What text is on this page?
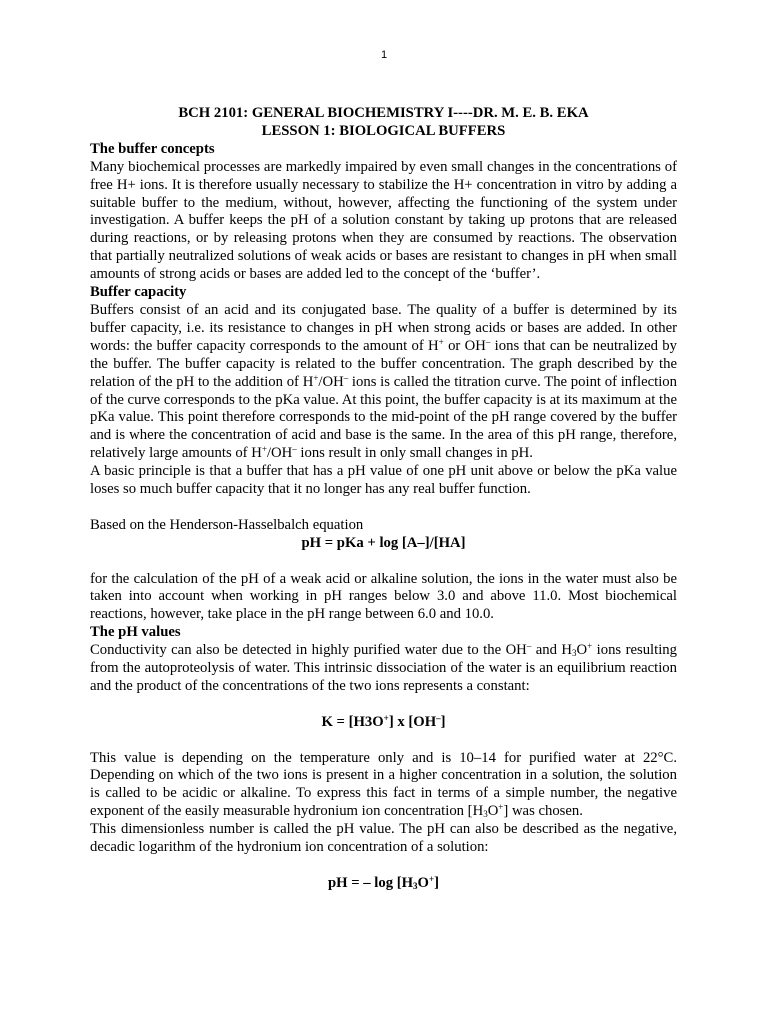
1

BCH 2101: GENERAL BIOCHEMISTRY I----DR. M. E. B. EKA

LESSON 1: BIOLOGICAL BUFFERS

The buffer concepts

Many biochemical processes are markedly impaired by even small changes in the concentrations of free H+ ions. It is therefore usually necessary to stabilize the H+ concentration in vitro by adding a suitable buffer to the medium, without, however, affecting the functioning of the system under investigation. A buffer keeps the pH of a solution constant by taking up protons that are released during reactions, or by releasing protons when they are consumed by reactions. The observation that partially neutralized solutions of weak acids or bases are resistant to changes in pH when small amounts of strong acids or bases are added led to the concept of the ‘buffer’.

Buffer capacity

Buffers consist of an acid and its conjugated base. The quality of a buffer is determined by its buffer capacity, i.e. its resistance to changes in pH when strong acids or bases are added. In other words: the buffer capacity corresponds to the amount of H+ or OH– ions that can be neutralized by the buffer. The buffer capacity is related to the buffer concentration. The graph described by the relation of the pH to the addition of H+/OH– ions is called the titration curve. The point of inflection of the curve corresponds to the pKa value. At this point, the buffer capacity is at its maximum at the pKa value. This point therefore corresponds to the mid-point of the pH range covered by the buffer and is where the concentration of acid and base is the same. In the area of this pH range, therefore, relatively large amounts of H+/OH– ions result in only small changes in pH.

A basic principle is that a buffer that has a pH value of one pH unit above or below the pKa value loses so much buffer capacity that it no longer has any real buffer function.

Based on the Henderson-Hasselbalch equation

pH = pKa + log [A–]/[HA]

for the calculation of the pH of a weak acid or alkaline solution, the ions in the water must also be taken into account when working in pH ranges below 3.0 and above 11.0. Most biochemical reactions, however, take place in the pH range between 6.0 and 10.0.

The pH values

Conductivity can also be detected in highly purified water due to the OH– and $H_3O^+$ ions resulting from the autoproteolysis of water. This intrinsic dissociation of the water is an equilibrium reaction and the product of the concentrations of the two ions represents a constant:

K = [H3O+] x [OH–]

This value is depending on the temperature only and is 10–14 for purified water at 22°C. Depending on which of the two ions is present in a higher concentration in a solution, the solution is called to be acidic or alkaline. To express this fact in terms of a simple number, the negative exponent of the easily measurable hydronium ion concentration $[H_3O^+]$ was chosen.

This dimensionless number is called the pH value. The pH can also be described as the negative, decadic logarithm of the hydronium ion concentration of a solution:

pH = – $\log [H_3O^+]$
